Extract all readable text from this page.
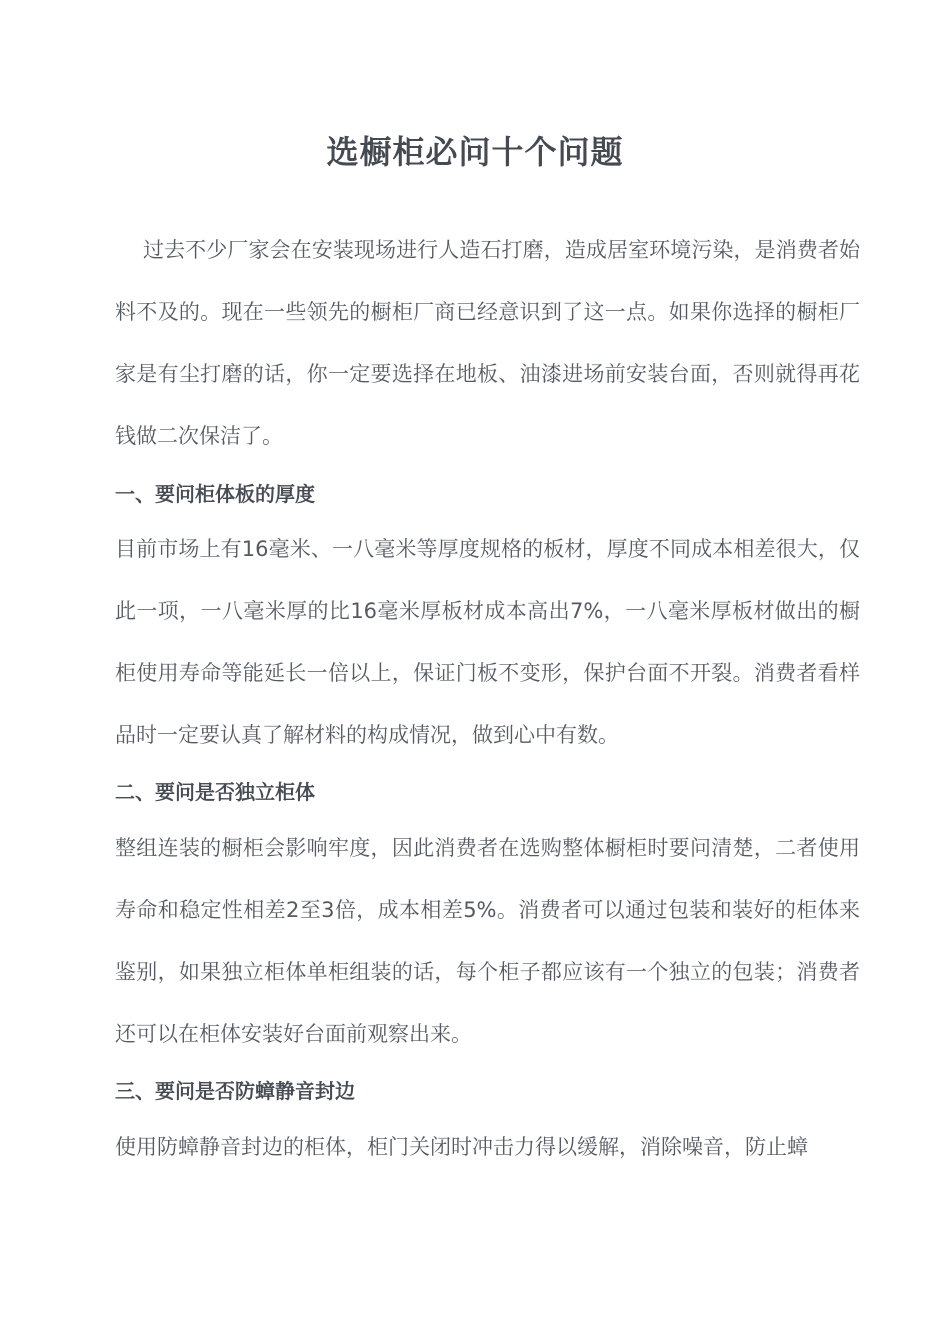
选橱柜必问十个问题

过去不少厂家会在安装现场进行人造石打磨，造成居室环境污染，是消费者始料不及的。现在一些领先的橱柜厂商已经意识到了这一点。如果你选择的橱柜厂家是有尘打磨的话，你一定要选择在地板、油漆进场前安装台面，否则就得再花钱做二次保洁了。

一、要问柜体板的厚度

目前市场上有16毫米、一八毫米等厚度规格的板材，厚度不同成本相差很大，仅此一项，一八毫米厚的比16毫米厚板材成本高出7%，一八毫米厚板材做出的橱柜使用寿命等能延长一倍以上，保证门板不变形，保护台面不开裂。消费者看样品时一定要认真了解材料的构成情况，做到心中有数。

二、要问是否独立柜体

整组连装的橱柜会影响牢度，因此消费者在选购整体橱柜时要问清楚，二者使用寿命和稳定性相差2至3倍，成本相差5%。消费者可以通过包装和装好的柜体来鉴别，如果独立柜体单柜组装的话，每个柜子都应该有一个独立的包装；消费者还可以在柜体安装好台面前观察出来。

三、要问是否防蟑静音封边

使用防蟑静音封边的柜体，柜门关闭时冲击力得以缓解，消除噪音，防止蟑
